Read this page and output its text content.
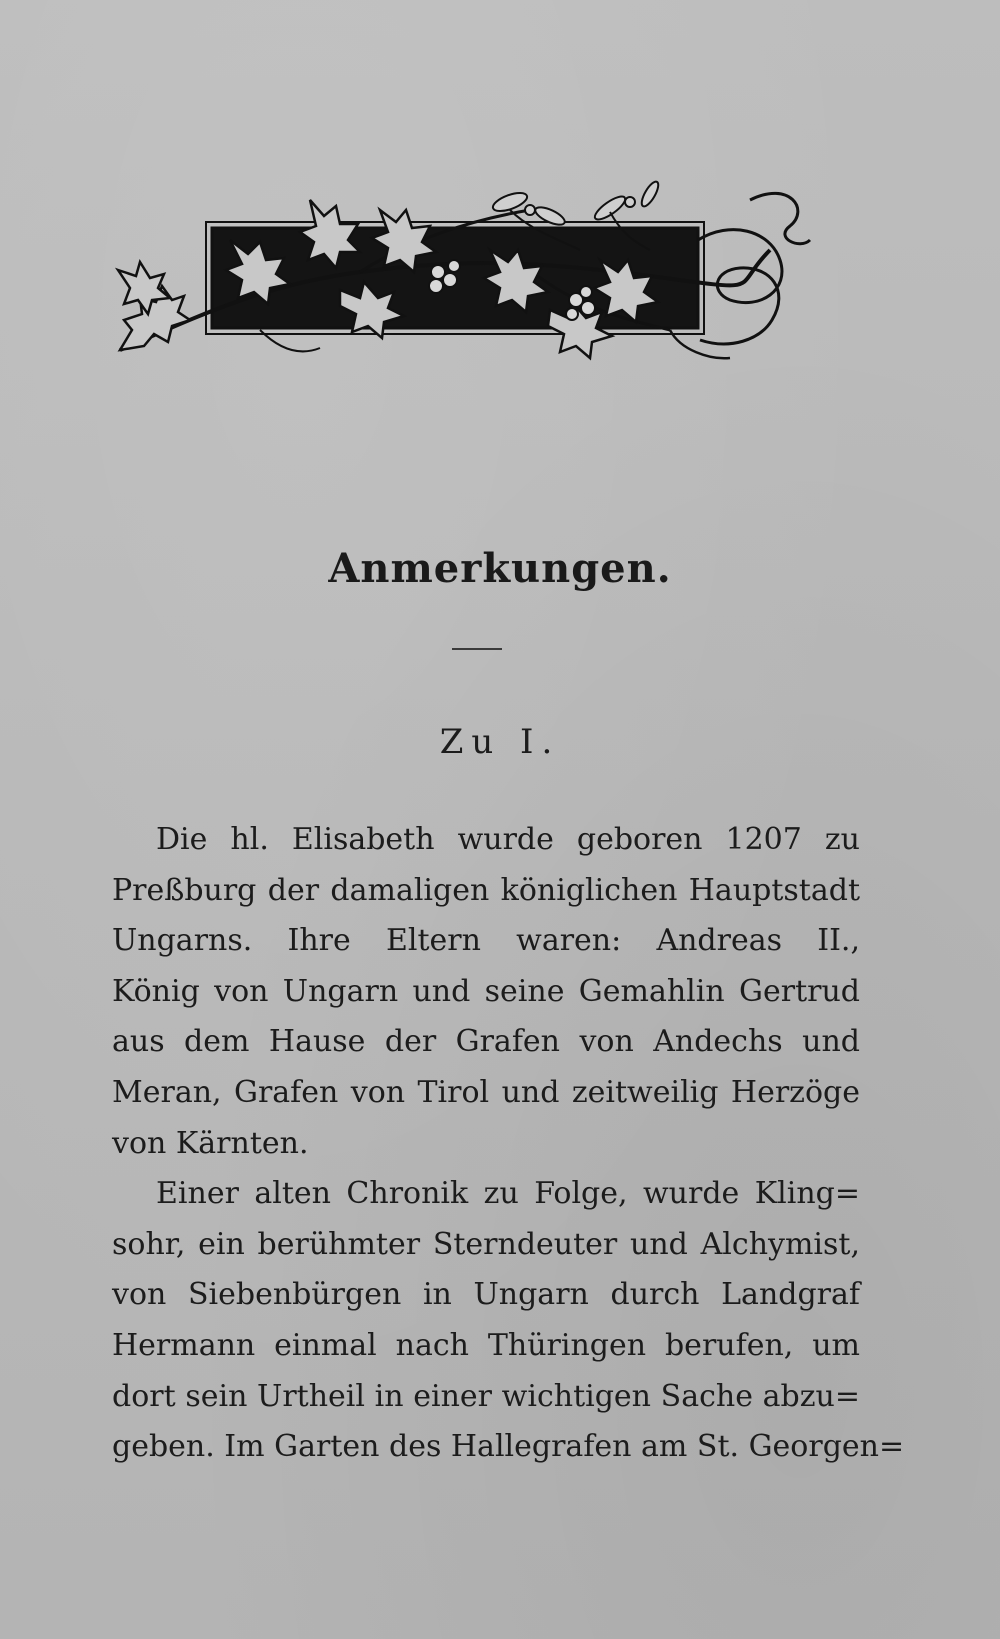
Anmerkungen.
Zu I.
Die hl. Elisabeth wurde geboren 1207 zu
Preßburg der damaligen königlichen Hauptstadt
Ungarns. Ihre Eltern waren: Andreas II.,
König von Ungarn und seine Gemahlin Gertrud
aus dem Hause der Grafen von Andechs und
Meran, Grafen von Tirol und zeitweilig Herzöge
von Kärnten.
Einer alten Chronik zu Folge, wurde Kling=
sohr, ein berühmter Sterndeuter und Alchymist,
von Siebenbürgen in Ungarn durch Landgraf
Hermann einmal nach Thüringen berufen, um
dort sein Urtheil in einer wichtigen Sache abzu=
geben. Im Garten des Hallegrafen am St. Georgen=
